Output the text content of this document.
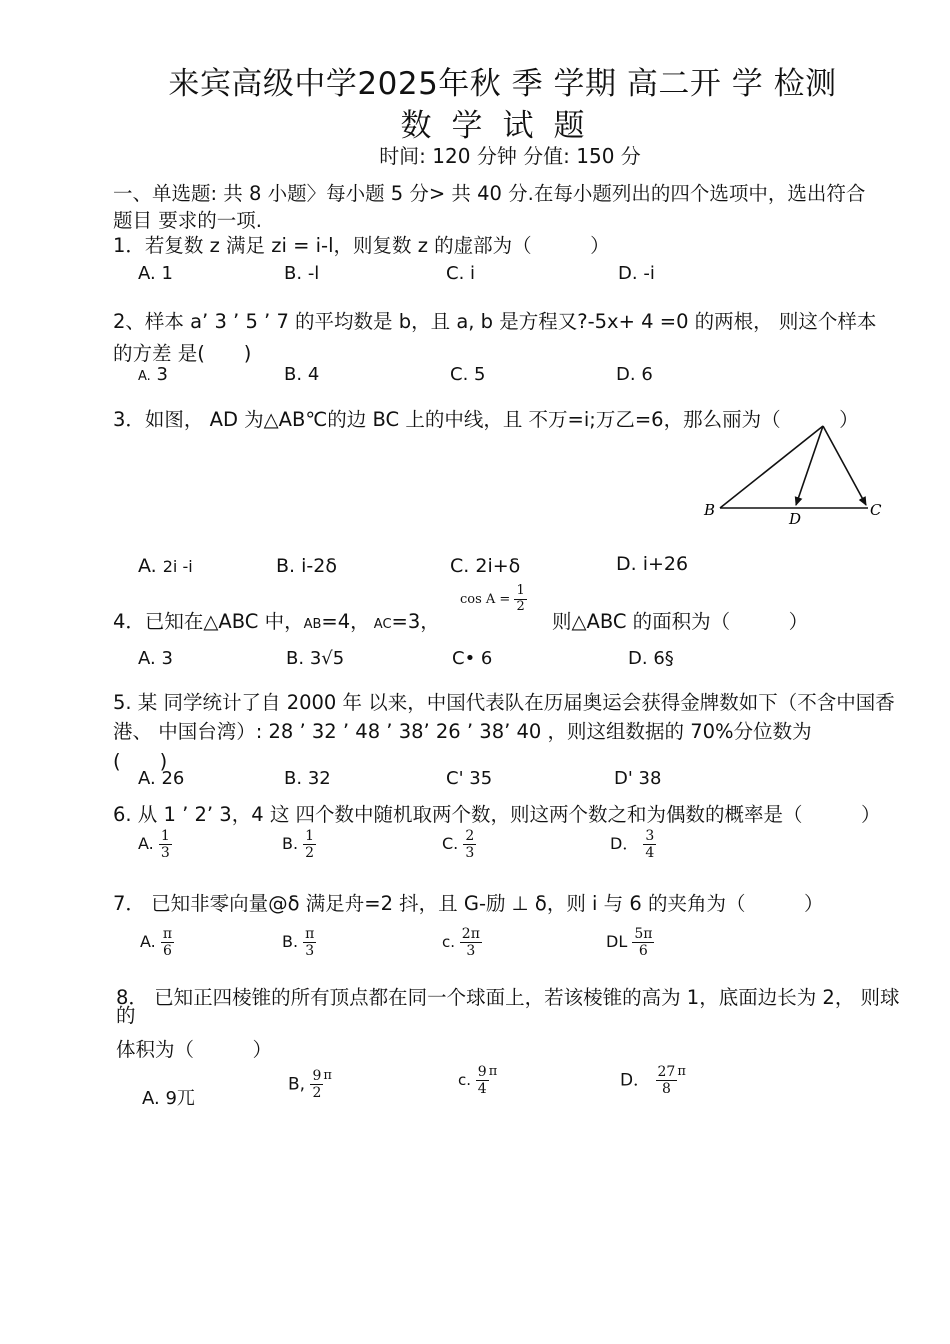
来宾高级中学2025年秋 季 学期 高二开 学 检测
数学试题
时间: 120 分钟 分值: 150 分
一、单选题: 共 8 小题〉每小题 5 分> 共 40 分.在每小题列出的四个选项中，选出符合
题目 要求的一项.
1．若复数 z 满足 zi = i-l，则复数 z 的虚部为（　　　）
A. 1	B. -l	C. i	D. -i
2、样本 a’ 3 ’ 5 ’ 7 的平均数是 b，且 a, b 是方程又?-5x+ 4 =0 的两根， 则这个样本
的方差 是(　　)
A. 3	B. 4	C. 5	D. 6
3．如图， AD 为△AB℃的边 BC 上的中线，且 不万=i;万乙=6，那么丽为（　　　）
B	D	C
A. 2i -i	B. i-2δ	C. 2i+δ	D. i+26
4．已知在△ABC 中，AB=4， AC=3，
$\cos A = \frac{1}{2}$
则△ABC 的面积为（　　　）
A. 3	B. 3√5	C• 6	D. 6§
5. 某 同学统计了自 2000 年 以来，中国代表队在历届奥运会获得金牌数如下（不含中国香
港、 中国台湾）: 28 ’ 32 ’ 48 ’ 38’ 26 ’ 38’ 40 ，则这组数据的 70%分位数为
(　　)
A. 26	B. 32	C' 35	D' 38
6. 从 1 ’ 2’ 3，4 这 四个数中随机取两个数，则这两个数之和为偶数的概率是（　　　）
A. $\frac{1}{3}$	B. $\frac{1}{2}$	C. $\frac{2}{3}$	D． $\frac{3}{4}$
7． 已知非零向量@δ 满足舟=2 抖，且 G-励 ⊥ δ，则 i 与 6 的夹角为（　　　）
A. $\frac{\pi}{6}$	B. $\frac{\pi}{3}$	c. $\frac{2\pi}{3}$	DL $\frac{5\pi}{6}$
8． 已知正四棱锥的所有顶点都在同一个球面上，若该棱锥的高为 1，底面边长为 2， 则球
的
体积为（　　　）
A. 9兀
B, $\frac{9}{2} ^\pi$	c. $\frac{9}{4}$ π	D． $\frac{27}{8} ^\pi$
